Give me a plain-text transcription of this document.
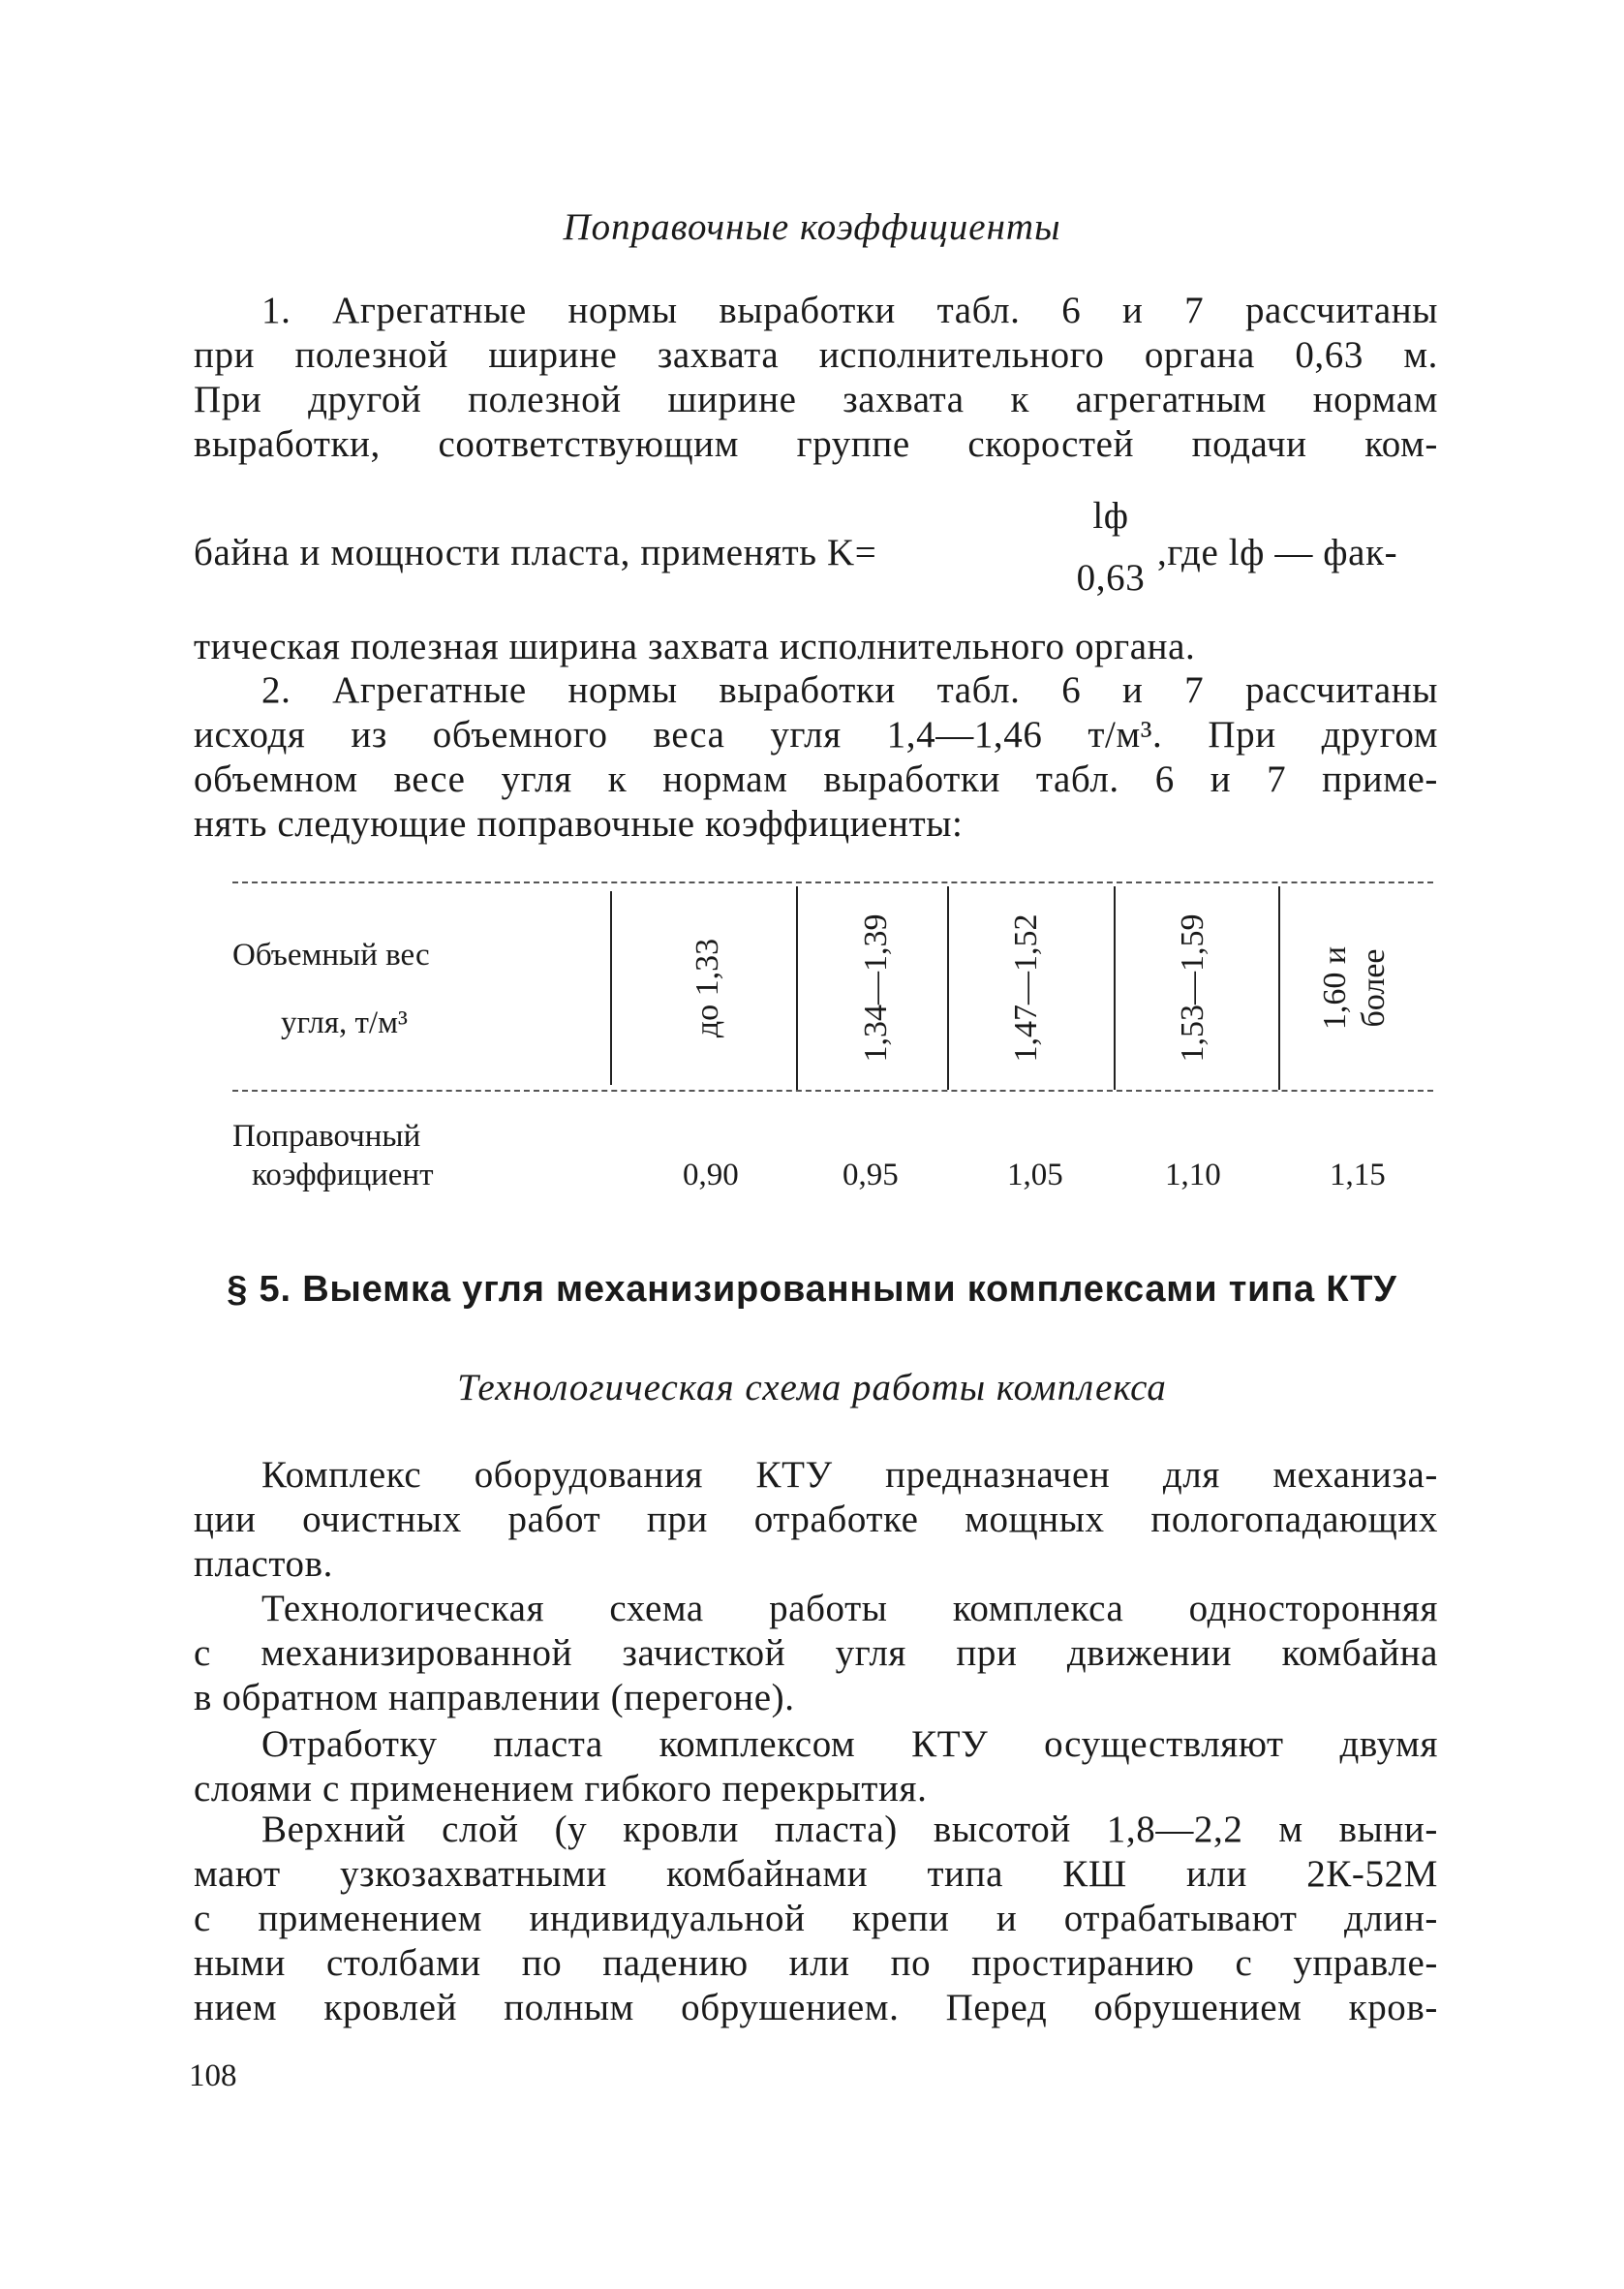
Поправочные коэффициенты
1. Агрегатные нормы выработки табл. 6 и 7 рассчитаны
при полезной ширине захвата исполнительного органа 0,63 м.
При другой полезной ширине захвата к агрегатным нормам
выработки, соответствующим группе скоростей подачи ком-
байна и мощности пласта, применять K=
lф
0,63
,где lф — фак-
тическая полезная ширина захвата исполнительного органа.
2. Агрегатные нормы выработки табл. 6 и 7 рассчитаны
исходя из объемного веса угля 1,4—1,46 т/м³. При другом
объемном весе угля к нормам выработки табл. 6 и 7 приме-
нять следующие поправочные коэффициенты:
Объемный вес
угля, т/м³	до 1,33	1,34—1,39	1,47—1,52	1,53—1,59	1,60 и более
Поправочный
коэффициент	0,90	0,95	1,05	1,10	1,15
§ 5. Выемка угля механизированными комплексами типа КТУ
Технологическая схема работы комплекса
Комплекс оборудования КТУ предназначен для механиза-
ции очистных работ при отработке мощных пологопадающих
пластов.
Технологическая схема работы комплекса односторонняя
с механизированной зачисткой угля при движении комбайна
в обратном направлении (перегоне).
Отработку пласта комплексом КТУ осуществляют двумя
слоями с применением гибкого перекрытия.
Верхний слой (у кровли пласта) высотой 1,8—2,2 м выни-
мают узкозахватными комбайнами типа КШ или 2К-52М
с применением индивидуальной крепи и отрабатывают длин-
ными столбами по падению или по простиранию с управле-
нием кровлей полным обрушением. Перед обрушением кров-
108
